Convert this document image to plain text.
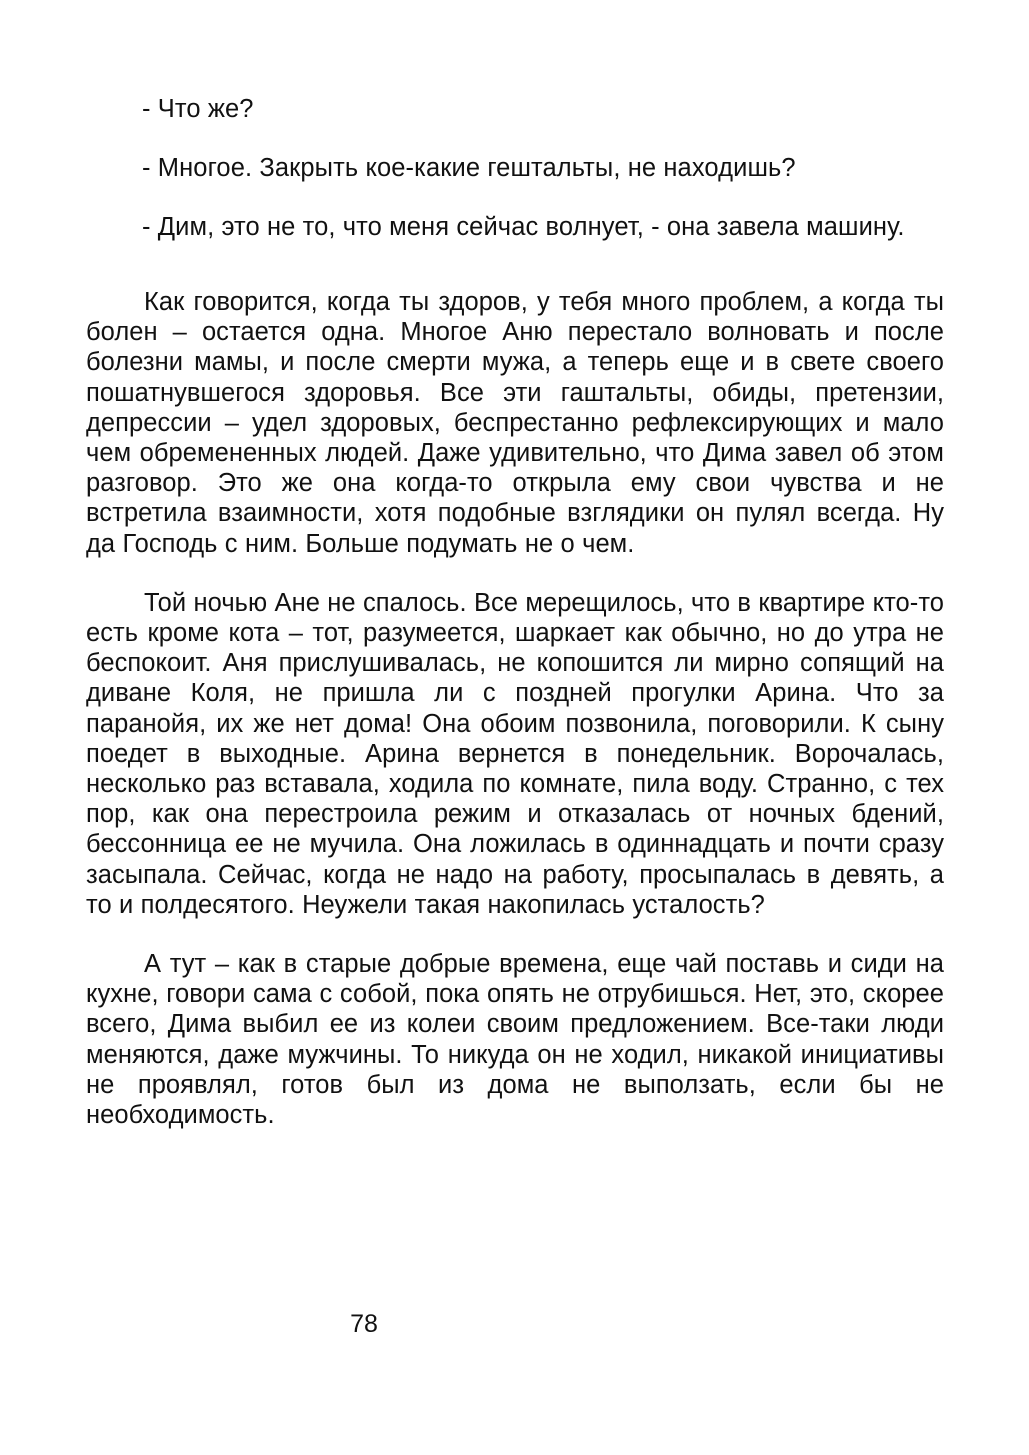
- Что же?
- Многое. Закрыть кое-какие гештальты, не находишь?
- Дим, это не то, что меня сейчас волнует, - она завела машину.

Как говорится, когда ты здоров, у тебя много проблем, а когда ты болен – остается одна. Многое Аню перестало волновать и после болезни мамы, и после смерти мужа, а теперь еще и в свете своего пошатнувшегося здоровья. Все эти гаштальты, обиды, претензии, депрессии – удел здоровых, беспрестанно рефлексирующих и мало чем обремененных людей. Даже удивительно, что Дима завел об этом разговор. Это же она когда-то открыла ему свои чувства и не встретила взаимности, хотя подобные взглядики он пулял всегда. Ну да Господь с ним. Больше подумать не о чем.

Той ночью Ане не спалось. Все мерещилось, что в квартире кто-то есть кроме кота – тот, разумеется, шаркает как обычно, но до утра не беспокоит. Аня прислушивалась, не копошится ли мирно сопящий на диване Коля, не пришла ли с поздней прогулки Арина. Что за паранойя, их же нет дома! Она обоим позвонила, поговорили. К сыну поедет в выходные. Арина вернется в понедельник. Ворочалась, несколько раз вставала, ходила по комнате, пила воду. Странно, с тех пор, как она перестроила режим и отказалась от ночных бдений, бессонница ее не мучила. Она ложилась в одиннадцать и почти сразу засыпала. Сейчас, когда не надо на работу, просыпалась в девять, а то и полдесятого. Неужели такая накопилась усталость?

А тут – как в старые добрые времена, еще чай поставь и сиди на кухне, говори сама с собой, пока опять не отрубишься. Нет, это, скорее всего, Дима выбил ее из колеи своим предложением. Все-таки люди меняются, даже мужчины. То никуда он не ходил, никакой инициативы не проявлял, готов был из дома не выползать, если бы не необходимость.

78
